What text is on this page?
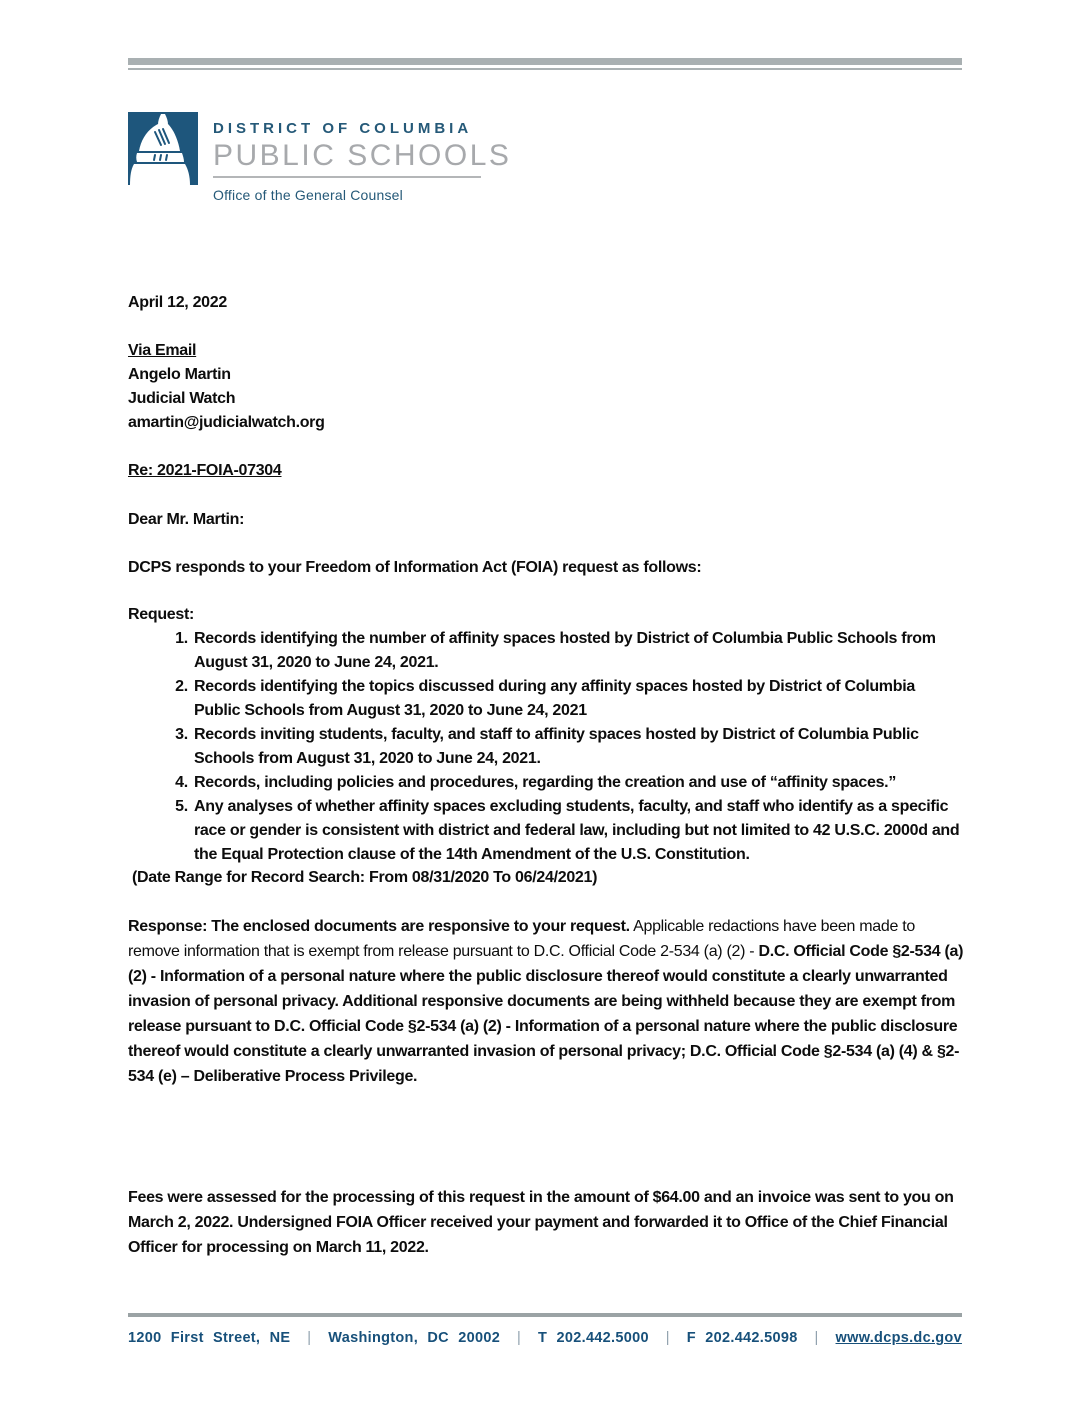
DISTRICT OF COLUMBIA
PUBLIC SCHOOLS
Office of the General Counsel
April 12, 2022
Via Email
Angelo Martin
Judicial Watch
amartin@judicialwatch.org
Re: 2021-FOIA-07304
Dear Mr. Martin:
DCPS responds to your Freedom of Information Act (FOIA) request as follows:
Request:
1. Records identifying the number of affinity spaces hosted by District of Columbia Public Schools from August 31, 2020 to June 24, 2021.
2. Records identifying the topics discussed during any affinity spaces hosted by District of Columbia Public Schools from August 31, 2020 to June 24, 2021
3. Records inviting students, faculty, and staff to affinity spaces hosted by District of Columbia Public Schools from August 31, 2020 to June 24, 2021.
4. Records, including policies and procedures, regarding the creation and use of “affinity spaces.”
5. Any analyses of whether affinity spaces excluding students, faculty, and staff who identify as a specific race or gender is consistent with district and federal law, including but not limited to 42 U.S.C. 2000d and the Equal Protection clause of the 14th Amendment of the U.S. Constitution.
(Date Range for Record Search: From 08/31/2020 To 06/24/2021)
Response: The enclosed documents are responsive to your request. Applicable redactions have been made to remove information that is exempt from release pursuant to D.C. Official Code 2-534 (a) (2) - D.C. Official Code §2-534 (a) (2) - Information of a personal nature where the public disclosure thereof would constitute a clearly unwarranted invasion of personal privacy. Additional responsive documents are being withheld because they are exempt from release pursuant to D.C. Official Code §2-534 (a) (2) - Information of a personal nature where the public disclosure thereof would constitute a clearly unwarranted invasion of personal privacy; D.C. Official Code §2-534 (a) (4) & §2-534 (e) – Deliberative Process Privilege.
Fees were assessed for the processing of this request in the amount of $64.00 and an invoice was sent to you on March 2, 2022. Undersigned FOIA Officer received your payment and forwarded it to Office of the Chief Financial Officer for processing on March 11, 2022.
1200 First Street, NE | Washington, DC 20002 | T 202.442.5000 | F 202.442.5098 | www.dcps.dc.gov
